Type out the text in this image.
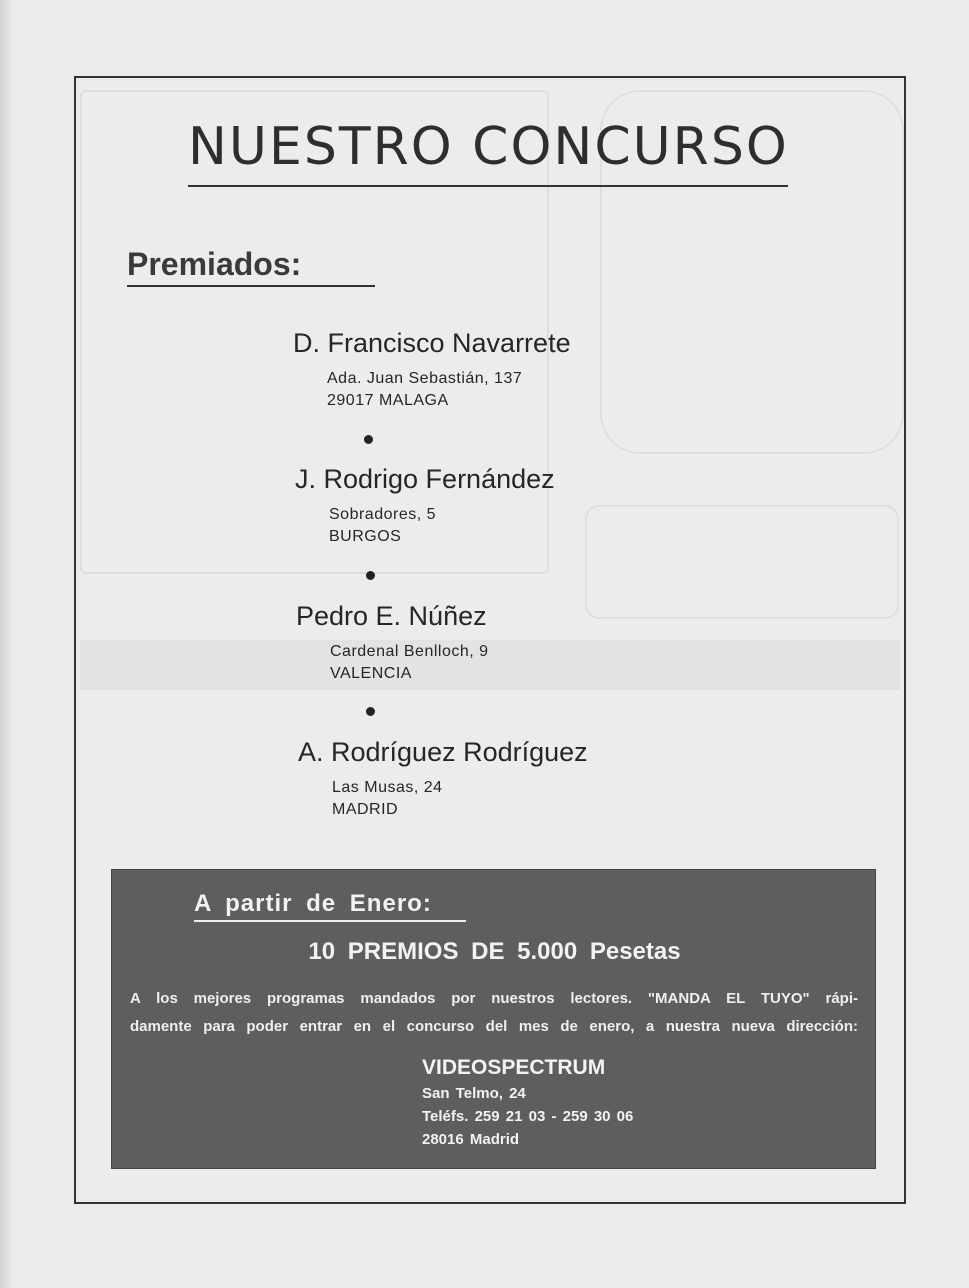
NUESTRO CONCURSO
Premiados:
D. Francisco Navarrete
Ada. Juan Sebastián, 137
29017 MALAGA
J. Rodrigo Fernández
Sobradores, 5
BURGOS
Pedro E. Núñez
Cardenal Benlloch, 9
VALENCIA
A. Rodríguez Rodríguez
Las Musas, 24
MADRID
A partir de Enero:
10 PREMIOS DE 5.000 Pesetas
A los mejores programas mandados por nuestros lectores. "MANDA EL TUYO" rápi-
damente para poder entrar en el concurso del mes de enero, a nuestra nueva dirección:
VIDEOSPECTRUM
San Telmo, 24
Teléfs. 259 21 03 - 259 30 06
28016 Madrid
